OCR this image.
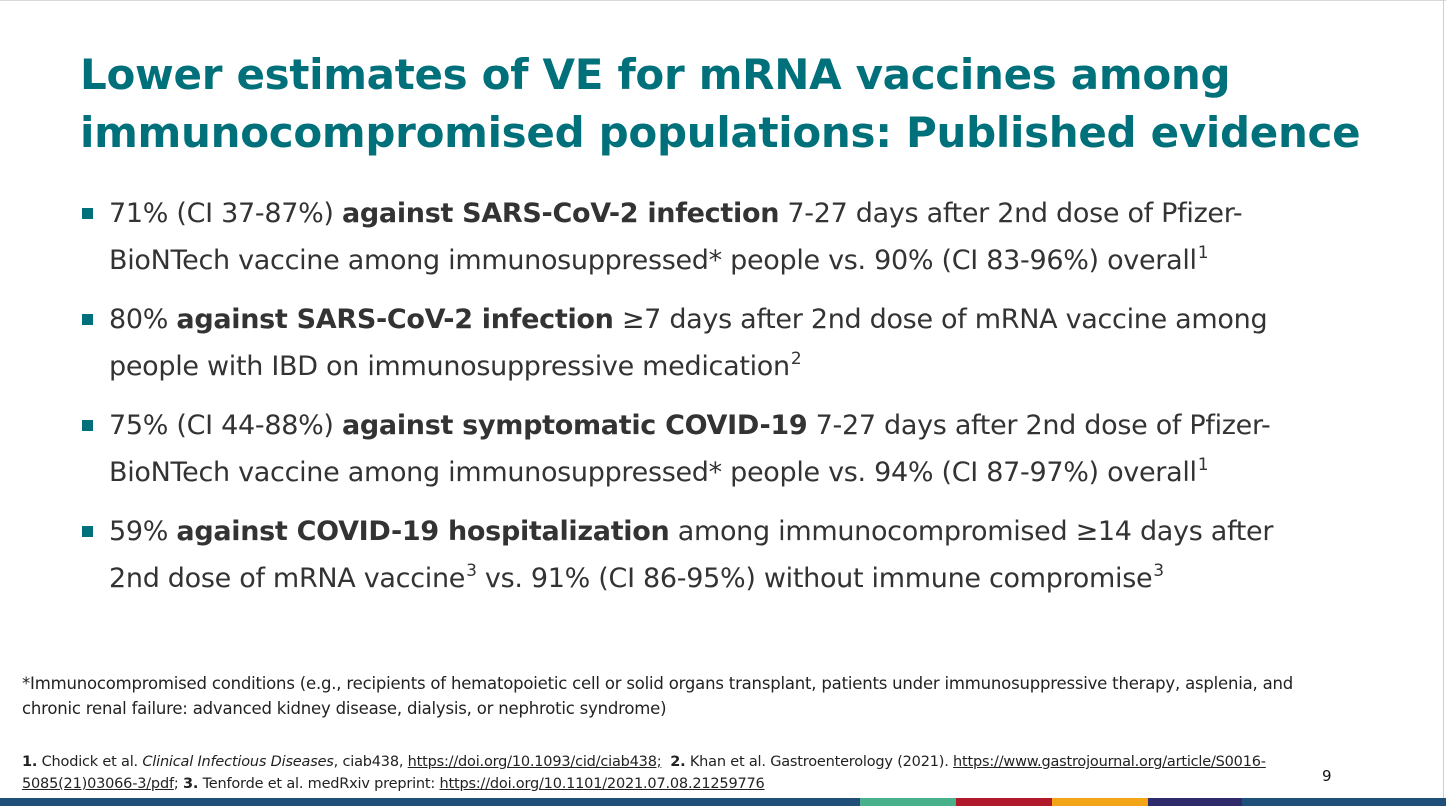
Lower estimates of VE for mRNA vaccines among
immunocompromised populations: Published evidence
71% (CI 37-87%) against SARS-CoV-2 infection 7-27 days after 2nd dose of Pfizer-
BioNTech vaccine among immunosuppressed* people vs. 90% (CI 83-96%) overall$^1$
80% against SARS-CoV-2 infection ≥7 days after 2nd dose of mRNA vaccine among
people with IBD on immunosuppressive medication$^2$
75% (CI 44-88%) against symptomatic COVID-19 7-27 days after 2nd dose of Pfizer-
BioNTech vaccine among immunosuppressed* people vs. 94% (CI 87-97%) overall$^1$
59% against COVID-19 hospitalization among immunocompromised ≥14 days after
2nd dose of mRNA vaccine$^3$ vs. 91% (CI 86-95%) without immune compromise$^3$

*Immunocompromised conditions (e.g., recipients of hematopoietic cell or solid organs transplant, patients under immunosuppressive therapy, asplenia, and
chronic renal failure: advanced kidney disease, dialysis, or nephrotic syndrome)

1. Chodick et al. Clinical Infectious Diseases, ciab438, https://doi.org/10.1093/cid/ciab438; 2. Khan et al. Gastroenterology (2021). https://www.gastrojournal.org/article/S0016-
5085(21)03066-3/pdf; 3. Tenforde et al. medRxiv preprint: https://doi.org/10.1101/2021.07.08.21259776	9
